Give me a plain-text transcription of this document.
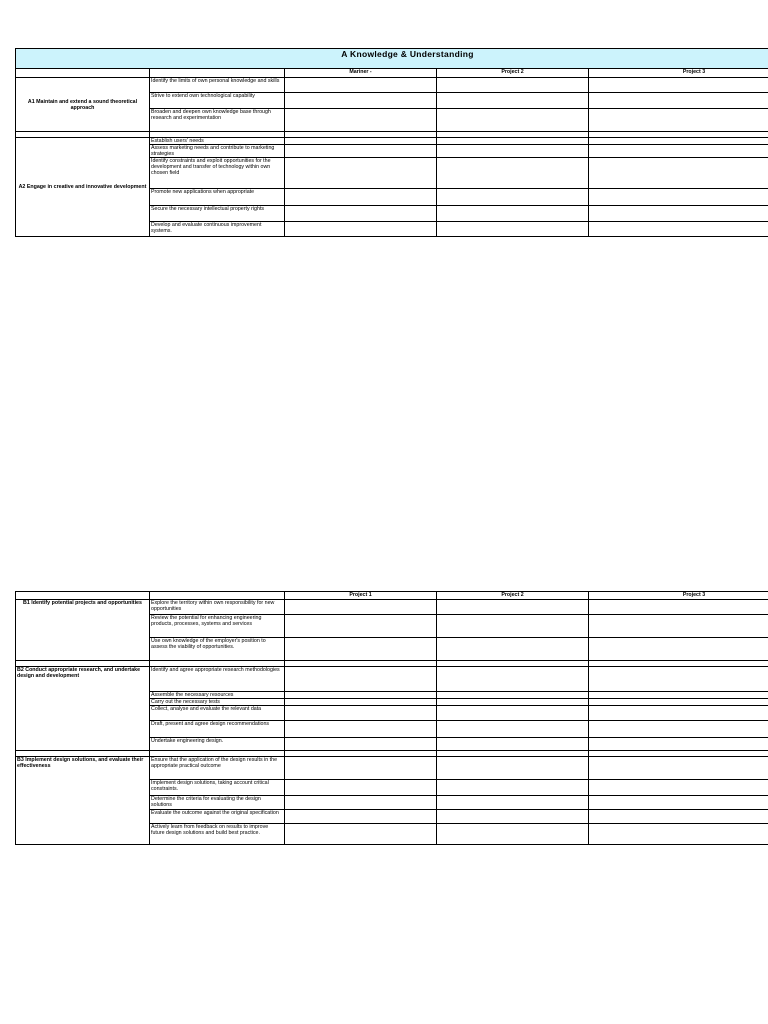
A Knowledge & Understanding				
		Mariner -	Project 2	Project 3
A1 Maintain and extend a sound theoretical approach	Identify the limits of own personal knowledge and skills			
	Strive to extend own technological capability			
	Broaden and deepen own knowledge base through research and experimentation			

A2 Engage in creative and innovative development	Establish users' needs			
	Assess marketing needs and contribute to marketing strategies			
	Identify constraints and exploit opportunities for the development and transfer of technology within own chosen field			
	Promote new applications when appropriate			
	Secure the necessary intellectual property rights			
	Develop and evaluate continuous improvement systems.			
		Project 1	Project 2	Project 3
B1 Identify potential projects and opportunities	Explore the territory within own responsibility for new opportunities			
	Review the potential for enhancing engineering products, processes, systems and services			
	Use own knowledge of the employer's position to assess the viability of opportunities.			

B2 Conduct appropriate research, and undertake design and development	Identify and agree appropriate research methodologies			
	Assemble the necessary resources			
	Carry out the necessary tests			
	Collect, analyse and evaluate the relevant data			
	Draft, present and agree design recommendations			
	Undertake engineering design.			

B3 Implement design solutions, and evaluate their effectiveness	Ensure that the application of the design results in the appropriate practical outcome			
	Implement design solutions, taking account critical constraints.			
	Determine the criteria for evaluating the design solutions			
	Evaluate the outcome against the original specification			
	Actively learn from feedback on results to improve future design solutions and build best practice.			
